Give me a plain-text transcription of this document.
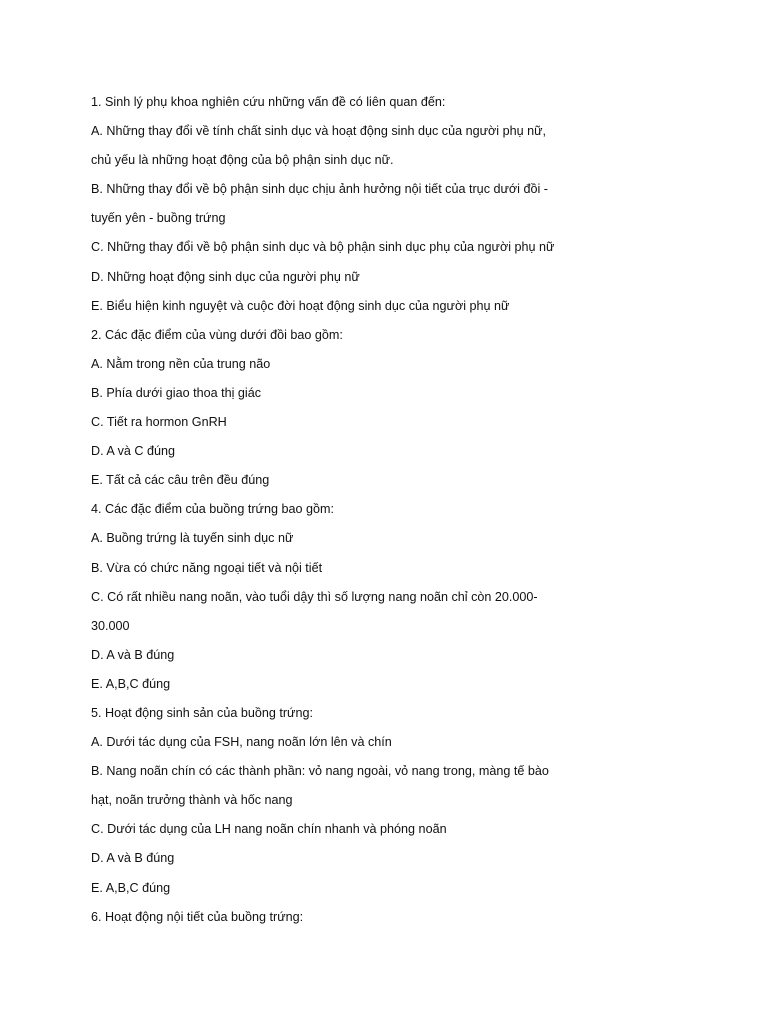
1. Sinh lý phụ khoa nghiên cứu những vấn đề có liên quan đến:
A. Những thay đổi về tính chất sinh dục và hoạt động sinh dục của người phụ nữ,
chủ yếu là những hoạt động của bộ phận sinh dục nữ.
B. Những thay đổi về bộ phận sinh dục chịu ảnh hưởng nội tiết của trục dưới đồi -
tuyến yên - buồng trứng
C. Những thay đổi về bộ phận sinh dục và bộ phận sinh dục phụ của người phụ nữ
D. Những hoạt động sinh dục của người phụ nữ
E. Biểu hiện kinh nguyệt và cuộc đời hoạt động sinh dục của người phụ nữ
2. Các đặc điểm của vùng dưới đồi bao gồm:
A. Nằm trong nền của trung não
B. Phía dưới giao thoa thị giác
C. Tiết ra hormon GnRH
D. A và C đúng
E. Tất cả các câu trên đều đúng
4. Các đặc điểm của buồng trứng bao gồm:
A. Buồng trứng là tuyến sinh dục nữ
B. Vừa có chức năng ngoại tiết và nội tiết
C. Có rất nhiều nang noãn, vào tuổi dậy thì số lượng nang noãn chỉ còn 20.000-
30.000
D. A và B đúng
E. A,B,C đúng
5. Hoạt động sinh sản của buồng trứng:
A. Dưới tác dụng của FSH, nang noãn lớn lên và chín
B. Nang noãn chín có các thành phần: vỏ nang ngoài, vỏ nang trong, màng tế bào
hạt, noãn trưởng thành và hốc nang
C. Dưới tác dụng của LH nang noãn chín nhanh và phóng noãn
D. A và B đúng
E. A,B,C đúng
6. Hoạt động nội tiết của buồng trứng:
